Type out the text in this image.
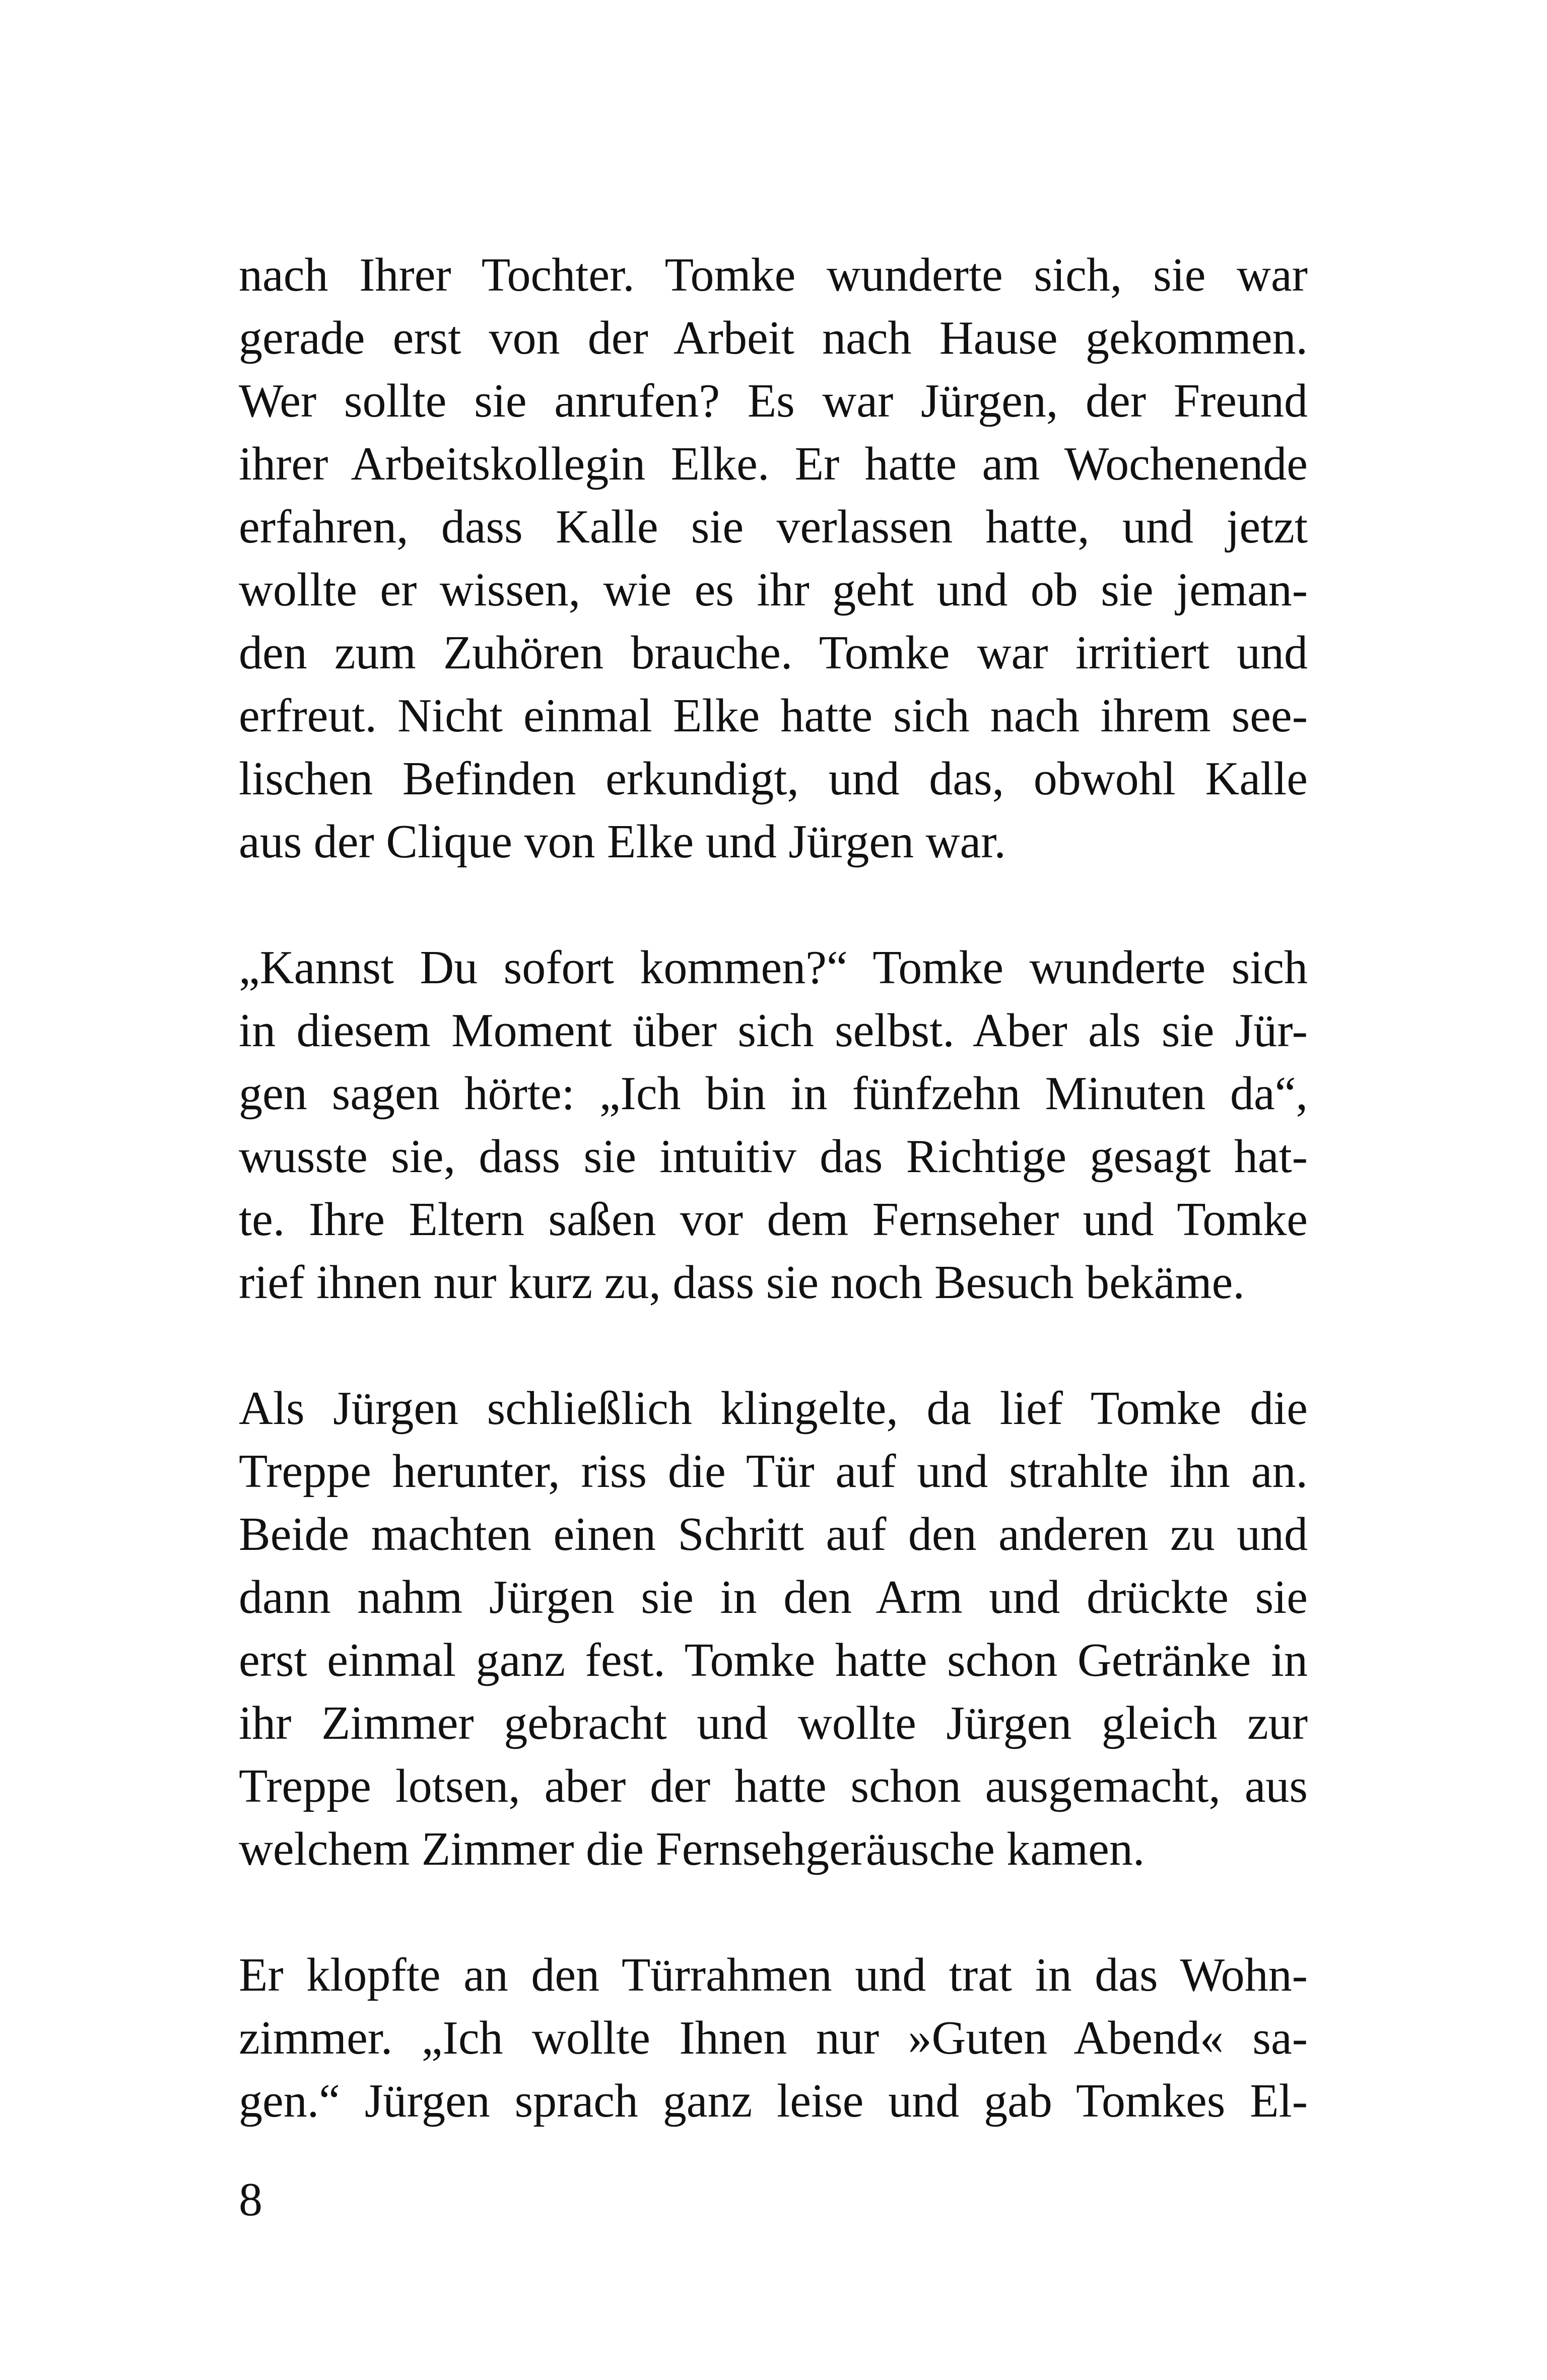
nach Ihrer Tochter. Tomke wunderte sich, sie war
gerade erst von der Arbeit nach Hause gekommen.
Wer sollte sie anrufen? Es war Jürgen, der Freund
ihrer Arbeitskollegin Elke. Er hatte am Wochenende
erfahren, dass Kalle sie verlassen hatte, und jetzt
wollte er wissen, wie es ihr geht und ob sie jeman-
den zum Zuhören brauche. Tomke war irritiert und
erfreut. Nicht einmal Elke hatte sich nach ihrem see-
lischen Befinden erkundigt, und das, obwohl Kalle
aus der Clique von Elke und Jürgen war.
„Kannst Du sofort kommen?“ Tomke wunderte sich
in diesem Moment über sich selbst. Aber als sie Jür-
gen sagen hörte: „Ich bin in fünfzehn Minuten da“,
wusste sie, dass sie intuitiv das Richtige gesagt hat-
te. Ihre Eltern saßen vor dem Fernseher und Tomke
rief ihnen nur kurz zu, dass sie noch Besuch bekäme.
Als Jürgen schließlich klingelte, da lief Tomke die
Treppe herunter, riss die Tür auf und strahlte ihn an.
Beide machten einen Schritt auf den anderen zu und
dann nahm Jürgen sie in den Arm und drückte sie
erst einmal ganz fest. Tomke hatte schon Getränke in
ihr Zimmer gebracht und wollte Jürgen gleich zur
Treppe lotsen, aber der hatte schon ausgemacht, aus
welchem Zimmer die Fernsehgeräusche kamen.
Er klopfte an den Türrahmen und trat in das Wohn-
zimmer. „Ich wollte Ihnen nur »Guten Abend« sa-
gen.“ Jürgen sprach ganz leise und gab Tomkes El-
8
